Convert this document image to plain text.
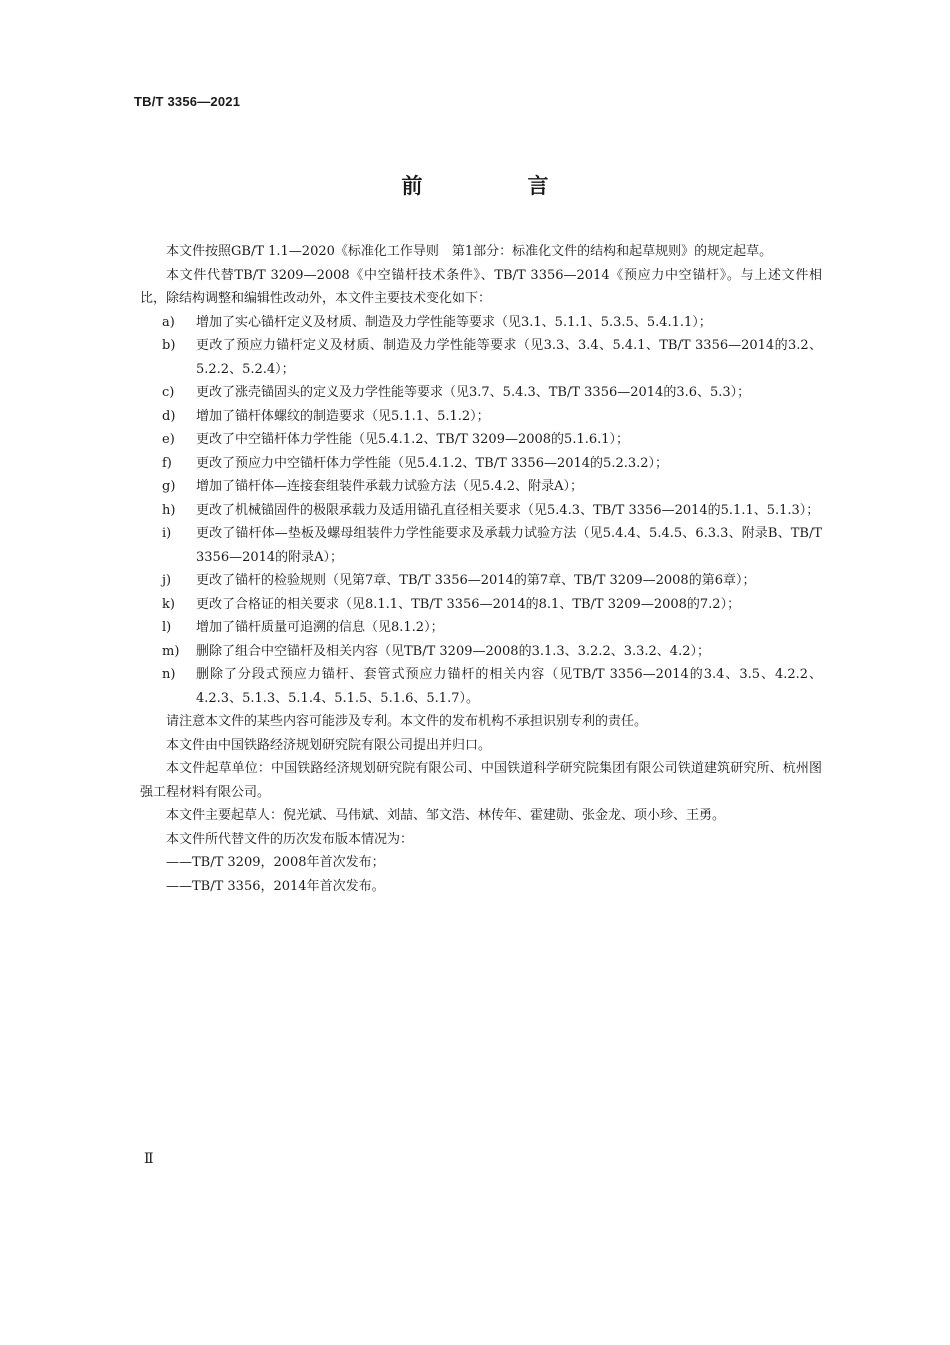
TB/T 3356—2021
前　言

本文件按照GB/T 1.1—2020《标准化工作导则　第1部分：标准化文件的结构和起草规则》的规定起草。

本文件代替TB/T 3209—2008《中空锚杆技术条件》、TB/T 3356—2014《预应力中空锚杆》。与上述文件相比，除结构调整和编辑性改动外，本文件主要技术变化如下：

a) 增加了实心锚杆定义及材质、制造及力学性能等要求（见3.1、5.1.1、5.3.5、5.4.1.1）；
b) 更改了预应力锚杆定义及材质、制造及力学性能等要求（见3.3、3.4、5.4.1、TB/T 3356—2014的3.2、5.2.2、5.2.4）；
c) 更改了涨壳锚固头的定义及力学性能等要求（见3.7、5.4.3、TB/T 3356—2014的3.6、5.3）；
d) 增加了锚杆体螺纹的制造要求（见5.1.1、5.1.2）；
e) 更改了中空锚杆体力学性能（见5.4.1.2、TB/T 3209—2008的5.1.6.1）；
f) 更改了预应力中空锚杆体力学性能（见5.4.1.2、TB/T 3356—2014的5.2.3.2）；
g) 增加了锚杆体—连接套组装件承载力试验方法（见5.4.2、附录A）；
h) 更改了机械锚固件的极限承载力及适用锚孔直径相关要求（见5.4.3、TB/T 3356—2014的5.1.1、5.1.3）；
i) 更改了锚杆体—垫板及螺母组装件力学性能要求及承载力试验方法（见5.4.4、5.4.5、6.3.3、附录B、TB/T 3356—2014的附录A）；
j) 更改了锚杆的检验规则（见第7章、TB/T 3356—2014的第7章、TB/T 3209—2008的第6章）；
k) 更改了合格证的相关要求（见8.1.1、TB/T 3356—2014的8.1、TB/T 3209—2008的7.2）；
l) 增加了锚杆质量可追溯的信息（见8.1.2）；
m) 删除了组合中空锚杆及相关内容（见TB/T 3209—2008的3.1.3、3.2.2、3.3.2、4.2）；
n) 删除了分段式预应力锚杆、套管式预应力锚杆的相关内容（见TB/T 3356—2014的3.4、3.5、4.2.2、4.2.3、5.1.3、5.1.4、5.1.5、5.1.6、5.1.7）。

请注意本文件的某些内容可能涉及专利。本文件的发布机构不承担识别专利的责任。

本文件由中国铁路经济规划研究院有限公司提出并归口。

本文件起草单位：中国铁路经济规划研究院有限公司、中国铁道科学研究院集团有限公司铁道建筑研究所、杭州图强工程材料有限公司。

本文件主要起草人：倪光斌、马伟斌、刘喆、邹文浩、林传年、霍建勋、张金龙、项小珍、王勇。

本文件所代替文件的历次发布版本情况为：

——TB/T 3209，2008年首次发布；

——TB/T 3356，2014年首次发布。

Ⅱ
